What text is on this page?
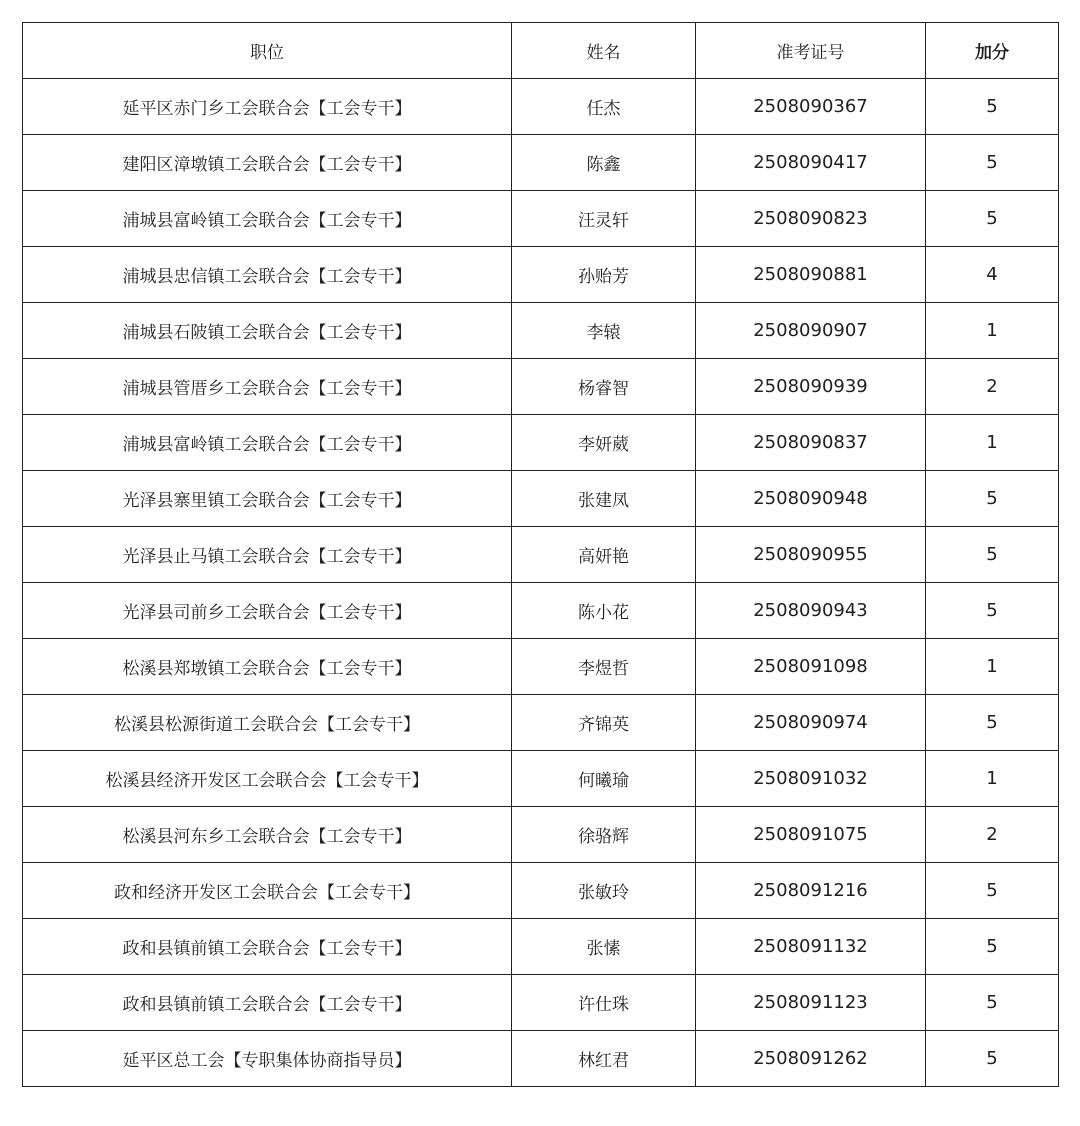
职位	姓名	准考证号	加分
延平区赤门乡工会联合会【工会专干】	任杰	2508090367	5
建阳区漳墩镇工会联合会【工会专干】	陈鑫	2508090417	5
浦城县富岭镇工会联合会【工会专干】	汪灵轩	2508090823	5
浦城县忠信镇工会联合会【工会专干】	孙贻芳	2508090881	4
浦城县石陂镇工会联合会【工会专干】	李辕	2508090907	1
浦城县管厝乡工会联合会【工会专干】	杨睿智	2508090939	2
浦城县富岭镇工会联合会【工会专干】	李妍葳	2508090837	1
光泽县寨里镇工会联合会【工会专干】	张建凤	2508090948	5
光泽县止马镇工会联合会【工会专干】	高妍艳	2508090955	5
光泽县司前乡工会联合会【工会专干】	陈小花	2508090943	5
松溪县郑墩镇工会联合会【工会专干】	李煜哲	2508091098	1
松溪县松源街道工会联合会【工会专干】	齐锦英	2508090974	5
松溪县经济开发区工会联合会【工会专干】	何曦瑜	2508091032	1
松溪县河东乡工会联合会【工会专干】	徐骆辉	2508091075	2
政和经济开发区工会联合会【工会专干】	张敏玲	2508091216	5
政和县镇前镇工会联合会【工会专干】	张愫	2508091132	5
政和县镇前镇工会联合会【工会专干】	许仕珠	2508091123	5
延平区总工会【专职集体协商指导员】	林红君	2508091262	5
